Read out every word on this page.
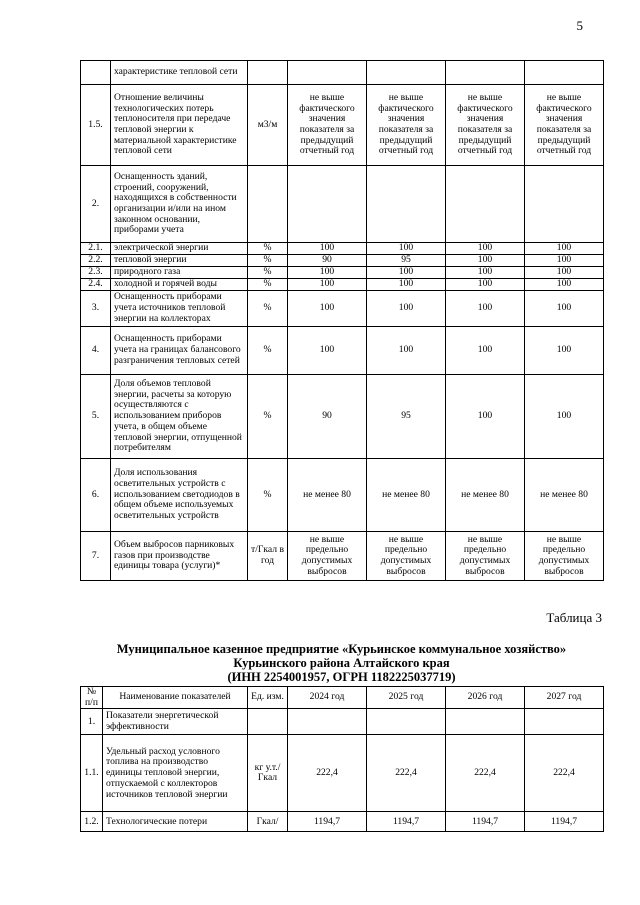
5
	характеристике тепловой сети					
1.5.	Отношение величины технологических потерь теплоносителя при передаче тепловой энергии к материальной характеристике тепловой сети	м3/м	не выше фактического значения показателя за предыдущий отчетный год	не выше фактического значения показателя за предыдущий отчетный год	не выше фактического значения показателя за предыдущий отчетный год	не выше фактического значения показателя за предыдущий отчетный год
2.	Оснащенность зданий, строений, сооружений, находящихся в собственности организации и/или на ином законном основании, приборами учета					
2.1.	электрической энергии	%	100	100	100	100
2.2.	тепловой энергии	%	90	95	100	100
2.3.	природного газа	%	100	100	100	100
2.4.	холодной и горячей воды	%	100	100	100	100
3.	Оснащенность приборами учета источников тепловой энергии на коллекторах	%	100	100	100	100
4.	Оснащенность приборами учета на границах балансового разграничения тепловых сетей	%	100	100	100	100
5.	Доля объемов тепловой энергии, расчеты за которую осуществляются с использованием приборов учета, в общем объеме тепловой энергии, отпущенной потребителям	%	90	95	100	100
6.	Доля использования осветительных устройств с использованием светодиодов в общем объеме используемых осветительных устройств	%	не менее 80	не менее 80	не менее 80	не менее 80
7.	Объем выбросов парниковых газов при производстве единицы товара (услуги)*	т/Гкал в год	не выше предельно допустимых выбросов	не выше предельно допустимых выбросов	не выше предельно допустимых выбросов	не выше предельно допустимых выбросов
Таблица 3
Муниципальное казенное предприятие «Курьинское коммунальное хозяйство»
Курьинского района Алтайского края
(ИНН 2254001957, ОГРН 1182225037719)
№ п/п	Наименование показателей	Ед. изм.	2024 год	2025 год	2026 год	2027 год
1.	Показатели энергетической эффективности					
1.1.	Удельный расход условного топлива на производство единицы тепловой энергии, отпускаемой с коллекторов источников тепловой энергии	кг у.т./ Гкал	222,4	222,4	222,4	222,4
1.2.	Технологические потери	Гкал/	1194,7	1194,7	1194,7	1194,7
